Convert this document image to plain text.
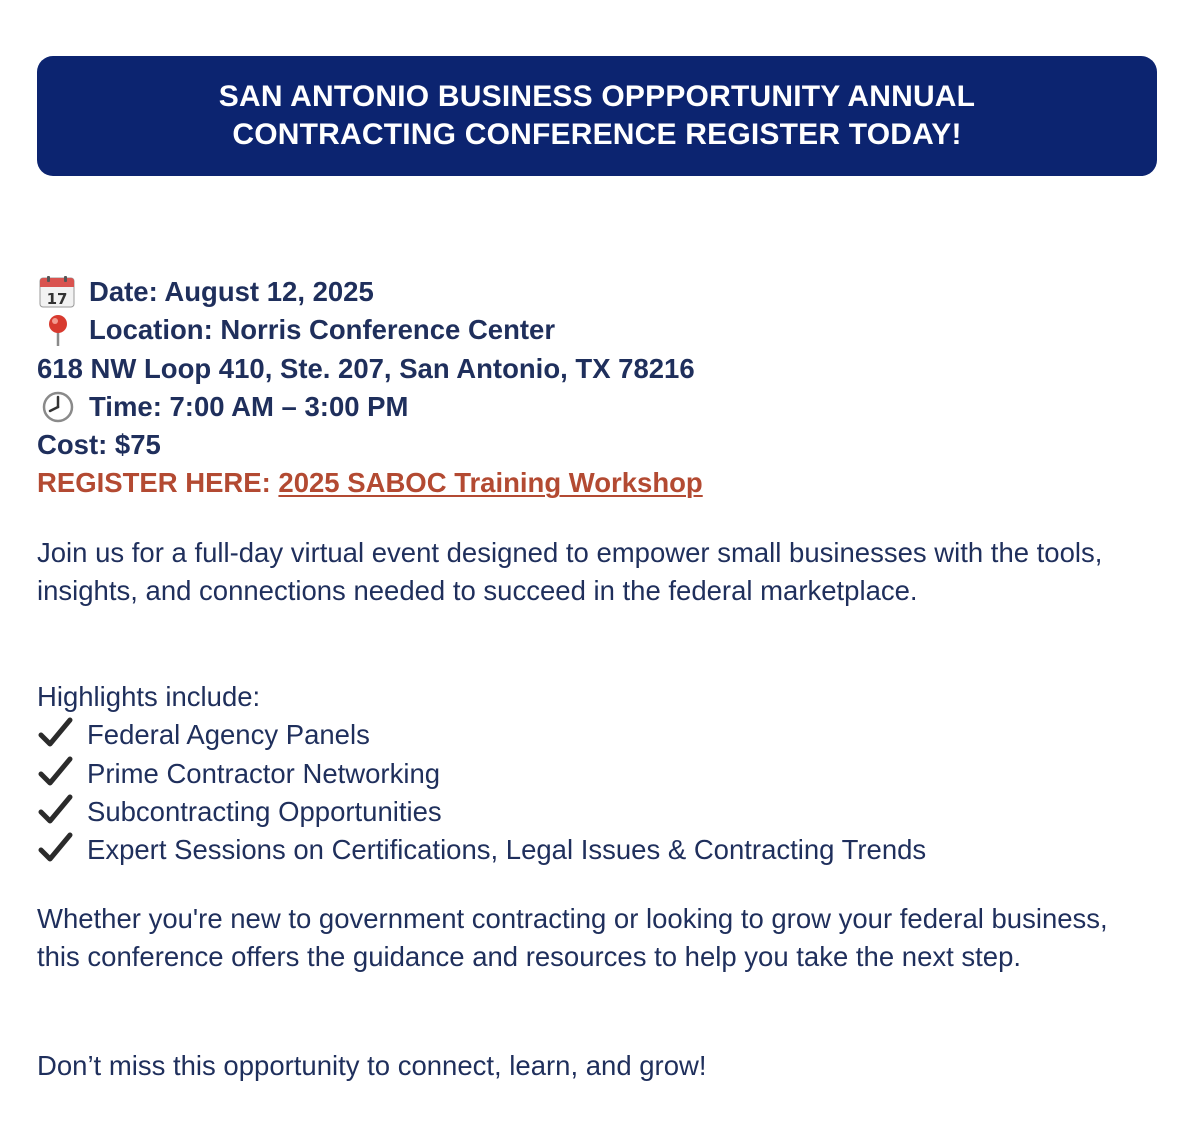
SAN ANTONIO BUSINESS OPPPORTUNITY ANNUAL CONTRACTING CONFERENCE REGISTER TODAY!
17 Date: August 12, 2025
Location: Norris Conference Center
618 NW Loop 410, Ste. 207, San Antonio, TX 78216
Time: 7:00 AM – 3:00 PM
Cost: $75
REGISTER HERE: 2025 SABOC Training Workshop

Join us for a full-day virtual event designed to empower small businesses with the tools, insights, and connections needed to succeed in the federal marketplace.

Highlights include:
Federal Agency Panels
Prime Contractor Networking
Subcontracting Opportunities
Expert Sessions on Certifications, Legal Issues & Contracting Trends

Whether you're new to government contracting or looking to grow your federal business, this conference offers the guidance and resources to help you take the next step.

Don’t miss this opportunity to connect, learn, and grow!
